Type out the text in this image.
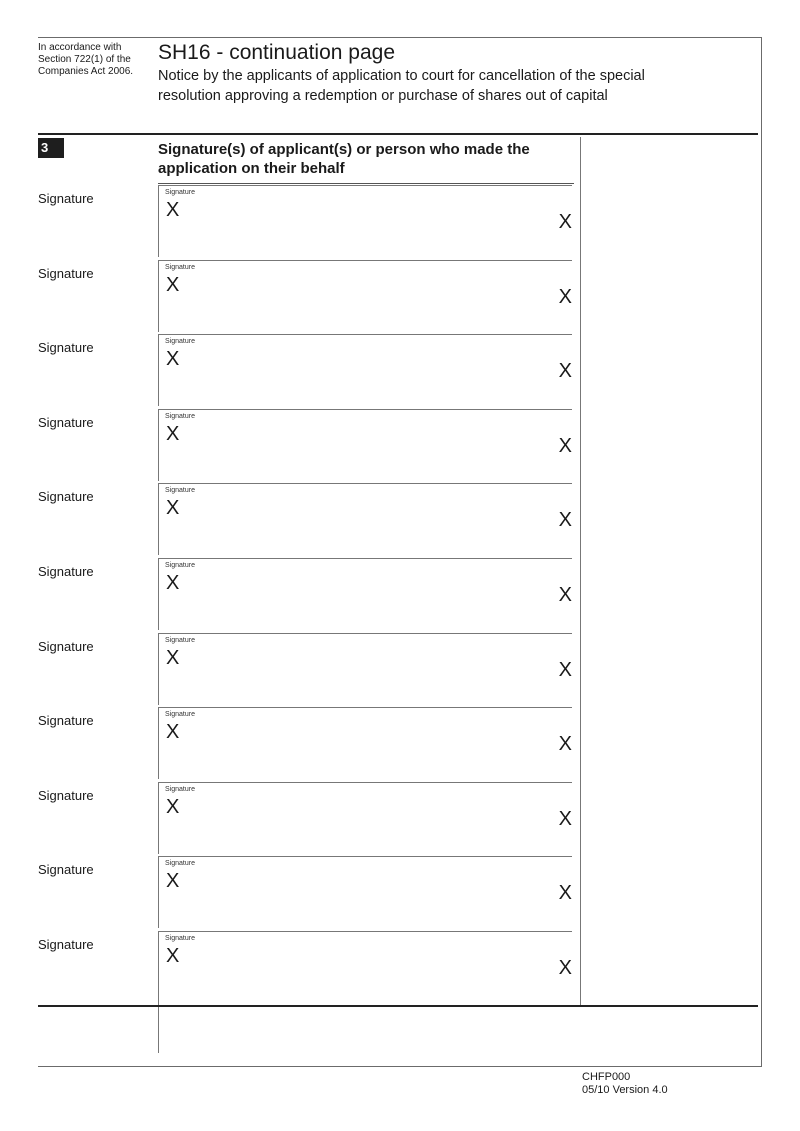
In accordance with Section 722(1) of the Companies Act 2006.
SH16 - continuation page
Notice by the applicants of application to court for cancellation of the special resolution approving a redemption or purchase of shares out of capital
3	Signature(s) of applicant(s) or person who made the application on their behalf
Signature	Signature
X
X
Signature	Signature
X
X
Signature	Signature
X
X
Signature	Signature
X
X
Signature	Signature
X
X
Signature	Signature
X
X
Signature	Signature
X
X
Signature	Signature
X
X
Signature	Signature
X
X
Signature	Signature
X
X
Signature	Signature
X
X
CHFP000
05/10 Version 4.0
